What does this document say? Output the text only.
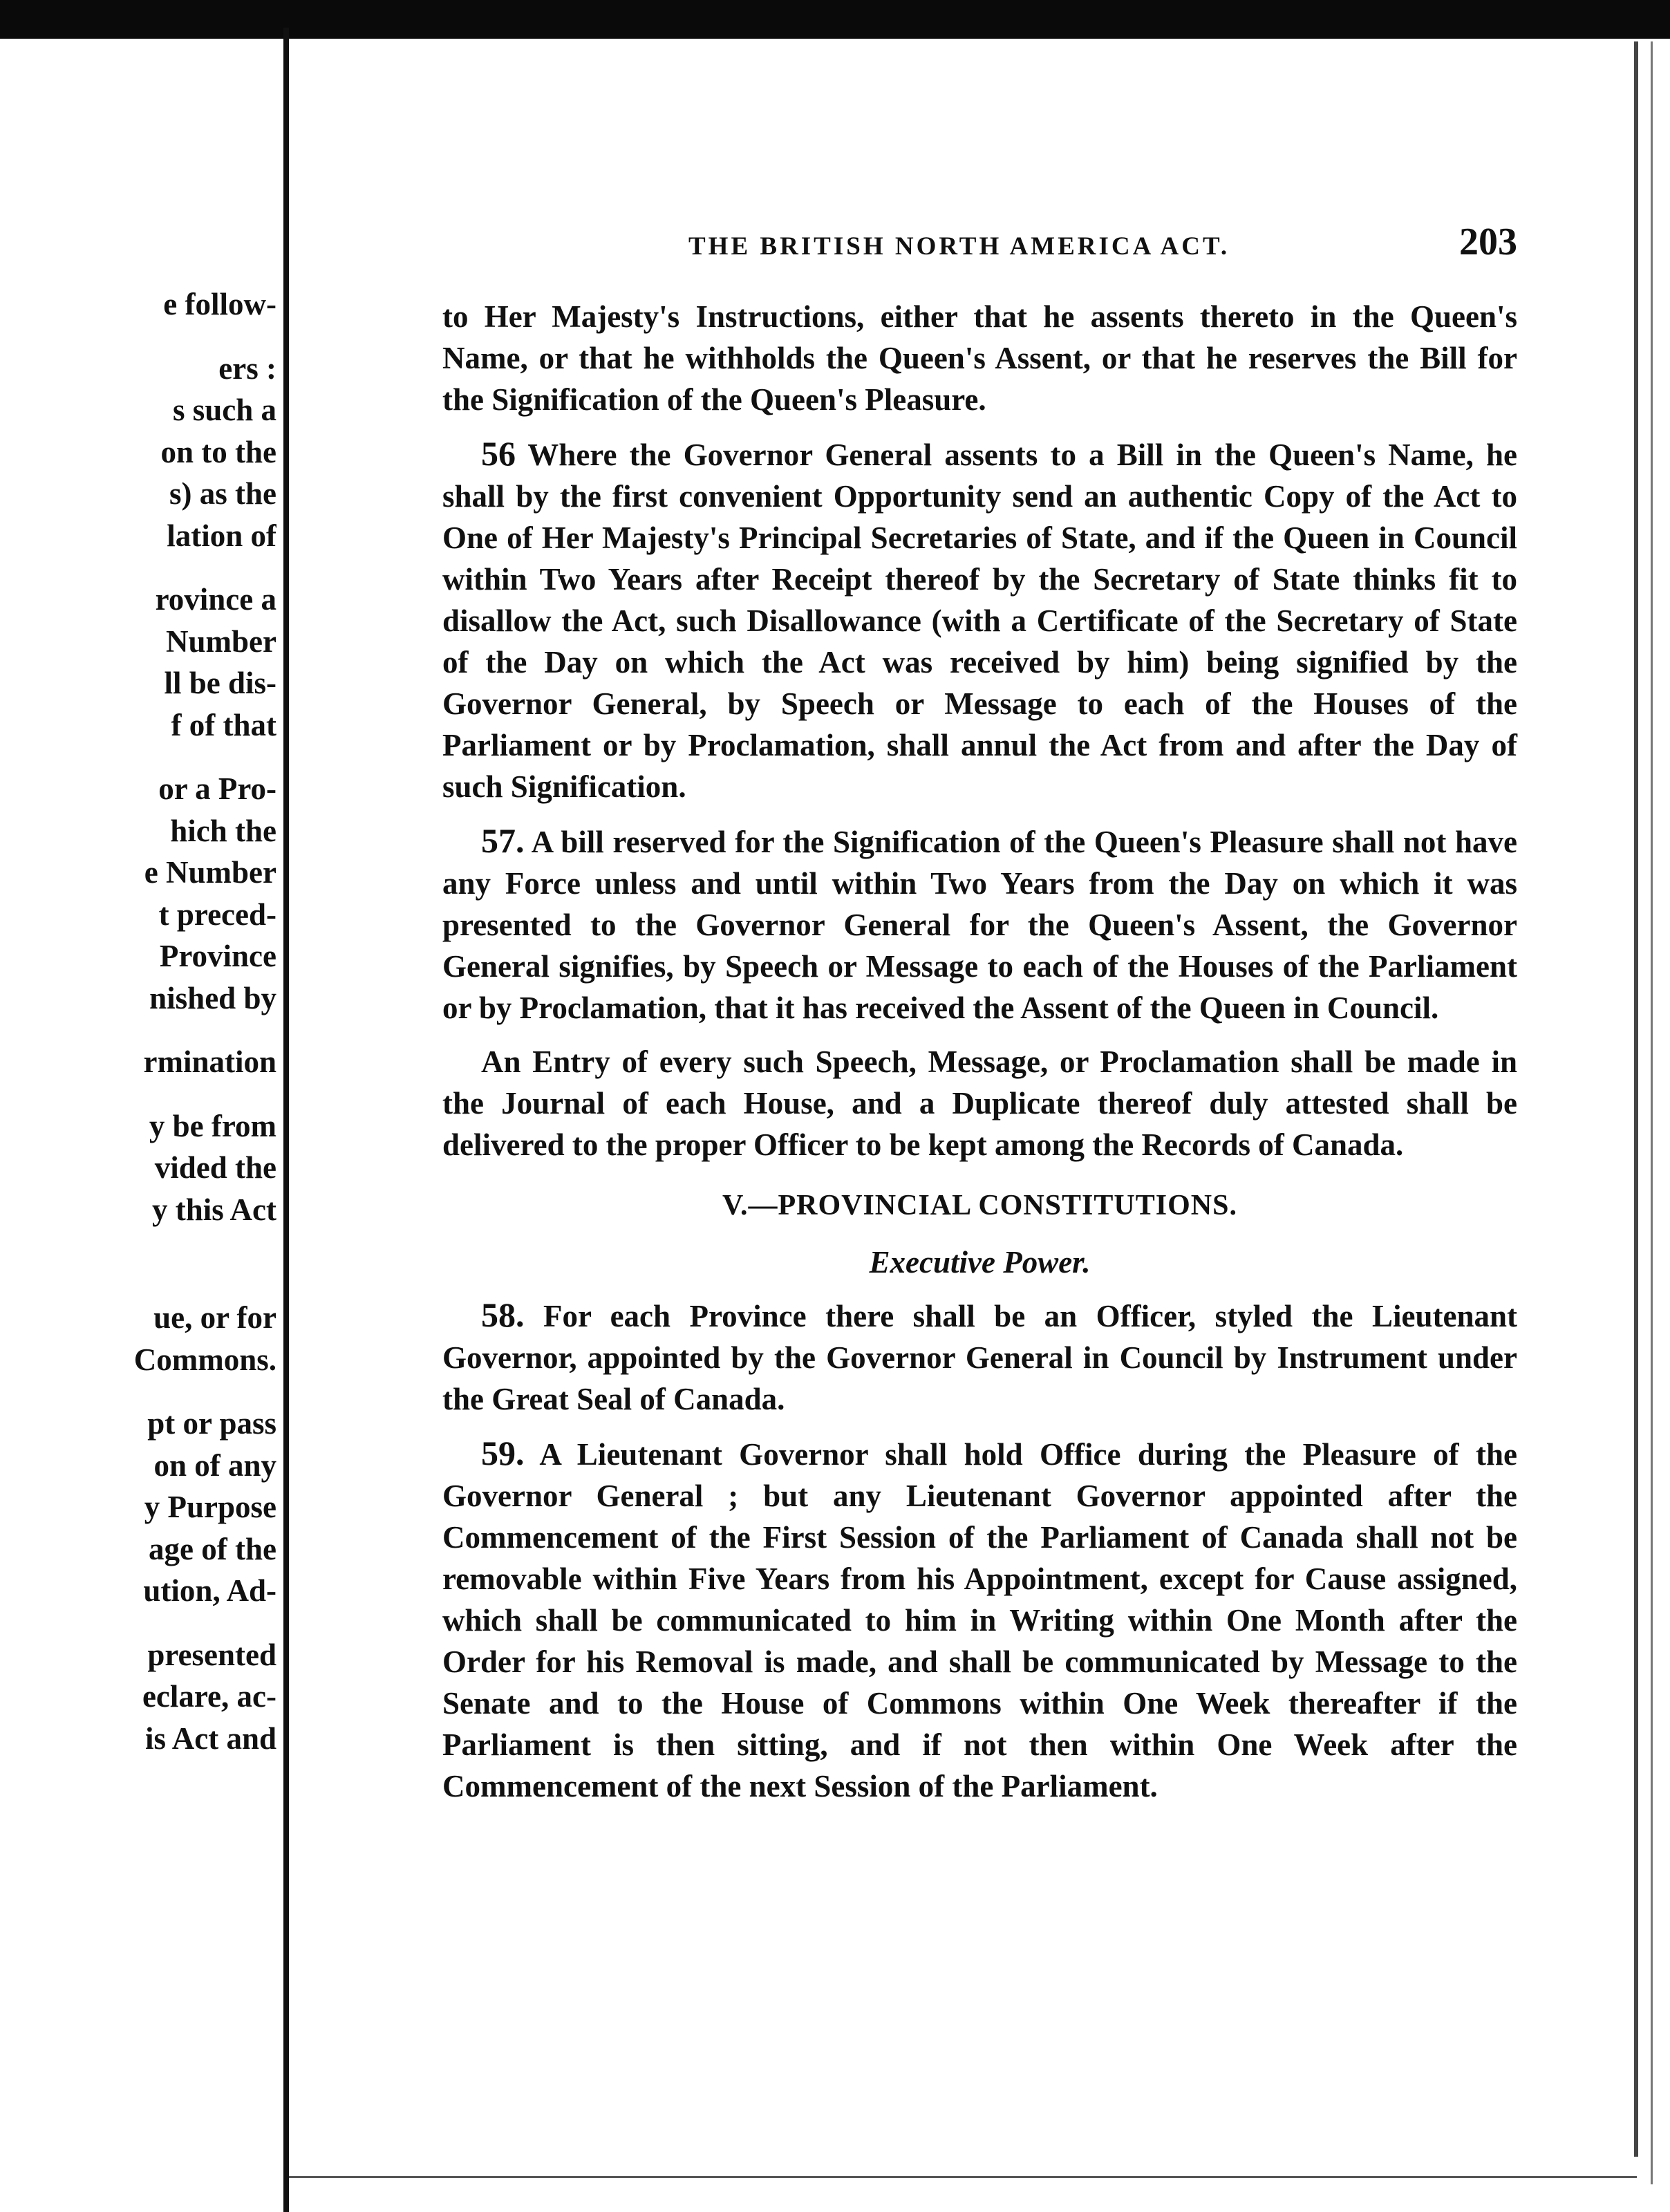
e follow-
ers :
s such a
on to the
s) as the
lation of
rovince a
Number
ll be dis-
f of that
or a Pro-
hich the
e Number
t preced-
Province
nished by
rmination
y be from
vided the
y this Act
ue, or for
Commons.
pt or pass
on of any
y Purpose
age of the
ution, Ad-
presented
eclare, ac-
is Act and
THE BRITISH NORTH AMERICA ACT.	203

to Her Majesty's Instructions, either that he assents thereto in the Queen's Name, or that he withholds the Queen's Assent, or that he reserves the Bill for the Signification of the Queen's Pleasure.

56 Where the Governor General assents to a Bill in the Queen's Name, he shall by the first convenient Opportunity send an authentic Copy of the Act to One of Her Majesty's Principal Secretaries of State, and if the Queen in Council within Two Years after Receipt thereof by the Secretary of State thinks fit to disallow the Act, such Disallowance (with a Certificate of the Secretary of State of the Day on which the Act was received by him) being signified by the Governor General, by Speech or Message to each of the Houses of the Parliament or by Proclamation, shall annul the Act from and after the Day of such Signification.

57. A bill reserved for the Signification of the Queen's Pleasure shall not have any Force unless and until within Two Years from the Day on which it was presented to the Governor General for the Queen's Assent, the Governor General signifies, by Speech or Message to each of the Houses of the Parliament or by Proclamation, that it has received the Assent of the Queen in Council.

An Entry of every such Speech, Message, or Proclamation shall be made in the Journal of each House, and a Duplicate thereof duly attested shall be delivered to the proper Officer to be kept among the Records of Canada.

V.—PROVINCIAL CONSTITUTIONS.
Executive Power.

58. For each Province there shall be an Officer, styled the Lieutenant Governor, appointed by the Governor General in Council by Instrument under the Great Seal of Canada.

59. A Lieutenant Governor shall hold Office during the Pleasure of the Governor General ; but any Lieutenant Governor appointed after the Commencement of the First Session of the Parliament of Canada shall not be removable within Five Years from his Appointment, except for Cause assigned, which shall be communicated to him in Writing within One Month after the Order for his Removal is made, and shall be communicated by Message to the Senate and to the House of Commons within One Week thereafter if the Parliament is then sitting, and if not then within One Week after the Commencement of the next Session of the Parliament.
